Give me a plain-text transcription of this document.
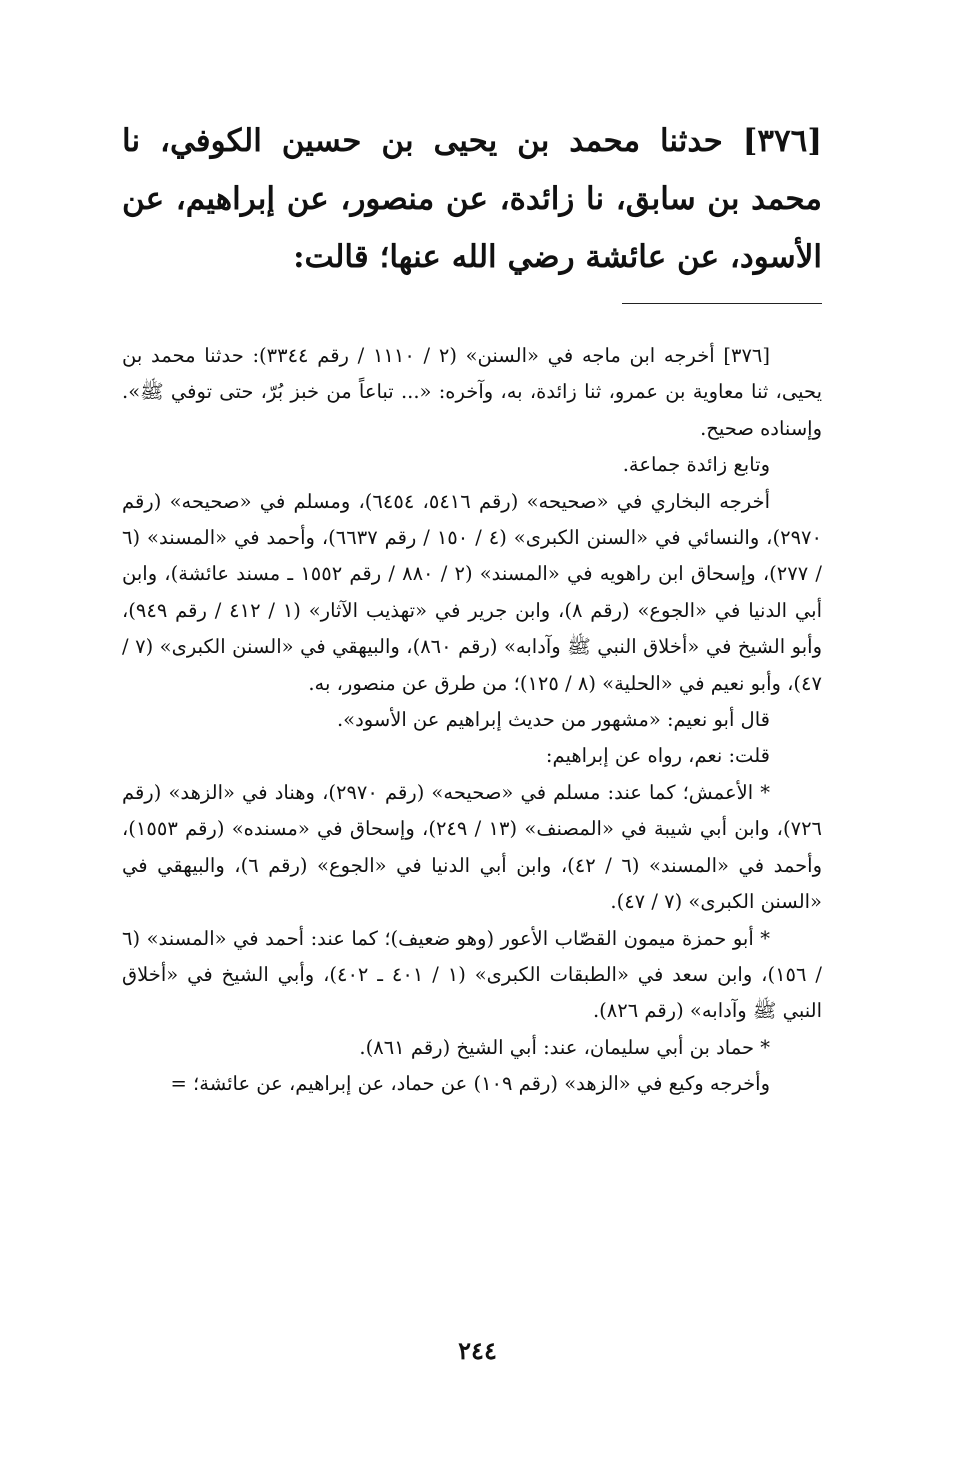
[٣٧٦] حدثنا محمد بن يحيى بن حسين الكوفي، نا محمد بن سابق، نا زائدة، عن منصور، عن إبراهيم، عن الأسود، عن عائشة رضي الله عنها؛ قالت:

[٣٧٦] أخرجه ابن ماجه في «السنن» (٢ / ١١١٠ / رقم ٣٣٤٤): حدثنا محمد بن يحيى، ثنا معاوية بن عمرو، ثنا زائدة، به، وآخره: «... تباعاً من خبز بُرّ، حتى توفي ﷺ». وإسناده صحيح.

وتابع زائدة جماعة.

أخرجه البخاري في «صحيحه» (رقم ٥٤١٦، ٦٤٥٤)، ومسلم في «صحيحه» (رقم ٢٩٧٠)، والنسائي في «السنن الكبرى» (٤ / ١٥٠ / رقم ٦٦٣٧)، وأحمد في «المسند» (٦ / ٢٧٧)، وإسحاق ابن راهويه في «المسند» (٢ / ٨٨٠ / رقم ١٥٥٢ ـ مسند عائشة)، وابن أبي الدنيا في «الجوع» (رقم ٨)، وابن جرير في «تهذيب الآثار» (١ / ٤١٢ / رقم ٩٤٩)، وأبو الشيخ في «أخلاق النبي ﷺ وآدابه» (رقم ٨٦٠)، والبيهقي في «السنن الكبرى» (٧ / ٤٧)، وأبو نعيم في «الحلية» (٨ / ١٢٥)؛ من طرق عن منصور، به.

قال أبو نعيم: «مشهور من حديث إبراهيم عن الأسود».

قلت: نعم، رواه عن إبراهيم:

* الأعمش؛ كما عند: مسلم في «صحيحه» (رقم ٢٩٧٠)، وهناد في «الزهد» (رقم ٧٢٦)، وابن أبي شيبة في «المصنف» (١٣ / ٢٤٩)، وإسحاق في «مسنده» (رقم ١٥٥٣)، وأحمد في «المسند» (٦ / ٤٢)، وابن أبي الدنيا في «الجوع» (رقم ٦)، والبيهقي في «السنن الكبرى» (٧ / ٤٧).

* أبو حمزة ميمون القصّاب الأعور (وهو ضعيف)؛ كما عند: أحمد في «المسند» (٦ / ١٥٦)، وابن سعد في «الطبقات الكبرى» (١ / ٤٠١ ـ ٤٠٢)، وأبي الشيخ في «أخلاق النبي ﷺ وآدابه» (رقم ٨٢٦).

* حماد بن أبي سليمان، عند: أبي الشيخ (رقم ٨٦١).

وأخرجه وكيع في «الزهد» (رقم ١٠٩) عن حماد، عن إبراهيم، عن عائشة؛ =

٢٤٤
